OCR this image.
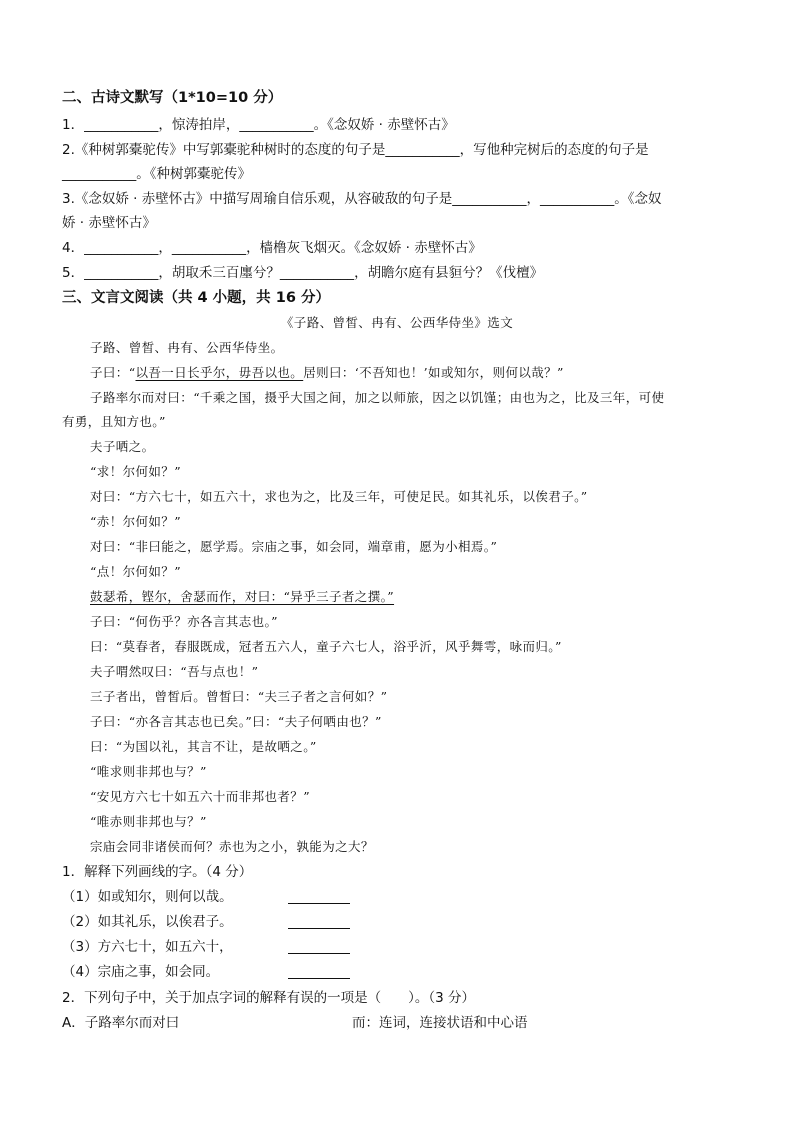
二、古诗文默写（1*10=10 分）
1．___________，惊涛拍岸，___________。《念奴娇 · 赤壁怀古》
2.《种树郭橐驼传》中写郭橐驼种树时的态度的句子是___________，写他种完树后的态度的句子是
___________。《种树郭橐驼传》
3.《念奴娇 · 赤壁怀古》中描写周瑜自信乐观，从容破敌的句子是___________，___________。《念奴
娇 · 赤壁怀古》
4．___________，___________，樯橹灰飞烟灭。《念奴娇 · 赤壁怀古》
5．___________，胡取禾三百廛兮？___________，胡瞻尔庭有县貆兮？《伐檀》
三、文言文阅读（共 4 小题，共 16 分）
《子路、曾皙、冉有、公西华侍坐》选文
子路、曾皙、冉有、公西华侍坐。
子曰：“以吾一日长乎尔，毋吾以也。居则曰：‘不吾知也！’如或知尔，则何以哉？”
子路率尔而对曰：“千乘之国，摄乎大国之间，加之以师旅，因之以饥馑；由也为之，比及三年，可使
有勇，且知方也。”
夫子哂之。
“求！尔何如？”
对曰：“方六七十，如五六十，求也为之，比及三年，可使足民。如其礼乐，以俟君子。”
“赤！尔何如？”
对曰：“非曰能之，愿学焉。宗庙之事，如会同，端章甫，愿为小相焉。”
“点！尔何如？”
鼓瑟希，铿尔，舍瑟而作，对曰：“异乎三子者之撰。”
子曰：“何伤乎？亦各言其志也。”
曰：“莫春者，春服既成，冠者五六人，童子六七人，浴乎沂，风乎舞雩，咏而归。”
夫子喟然叹曰：“吾与点也！”
三子者出，曾皙后。曾皙曰：“夫三子者之言何如？”
子曰：“亦各言其志也已矣。”曰：“夫子何哂由也？”
曰：“为国以礼，其言不让，是故哂之。”
“唯求则非邦也与？”
“安见方六七十如五六十而非邦也者？”
“唯赤则非邦也与？”
宗庙会同非诸侯而何？赤也为之小，孰能为之大？
1．解释下列画线的字。（4 分）
（1）如或知尔，则何以哉。
（2）如其礼乐，以俟君子。
（3）方六七十，如五六十，
（4）宗庙之事，如会同。
2．下列句子中，关于加点字词的解释有误的一项是（　　）。（3 分）
A．子路率尔而对曰	而：连词，连接状语和中心语
